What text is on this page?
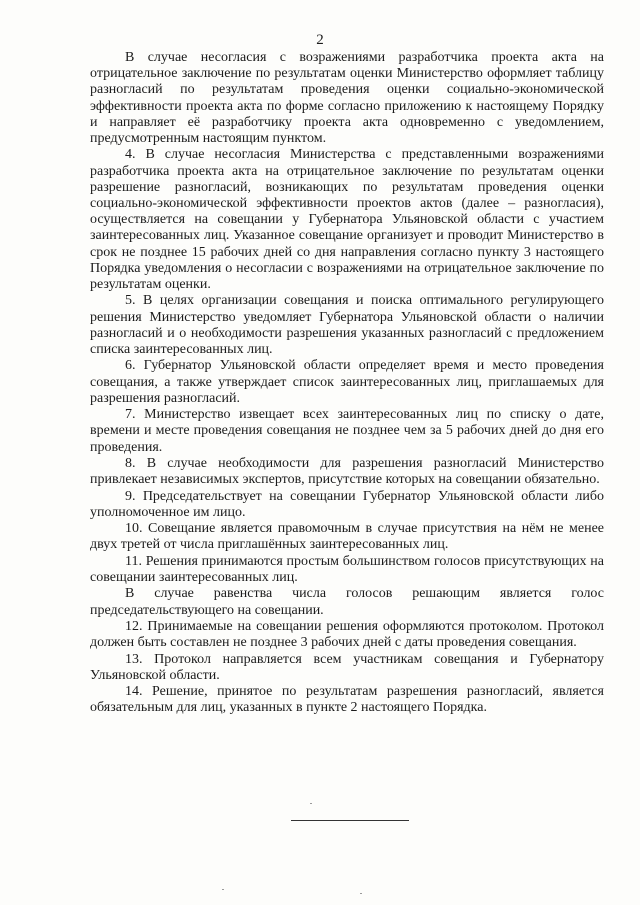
2

В случае несогласия с возражениями разработчика проекта акта на отрицательное заключение по результатам оценки Министерство оформляет таблицу разногласий по результатам проведения оценки социально-экономической эффективности проекта акта по форме согласно приложению к настоящему Порядку и направляет её разработчику проекта акта одновременно с уведомлением, предусмотренным настоящим пунктом.

4. В случае несогласия Министерства с представленными возражениями разработчика проекта акта на отрицательное заключение по результатам оценки разрешение разногласий, возникающих по результатам проведения оценки социально-экономической эффективности проектов актов (далее – разногласия), осуществляется на совещании у Губернатора Ульяновской области с участием заинтересованных лиц. Указанное совещание организует и проводит Министерство в срок не позднее 15 рабочих дней со дня направления согласно пункту 3 настоящего Порядка уведомления о несогласии с возражениями на отрицательное заключение по результатам оценки.

5. В целях организации совещания и поиска оптимального регулирующего решения Министерство уведомляет Губернатора Ульяновской области о наличии разногласий и о необходимости разрешения указанных разногласий с предложением списка заинтересованных лиц.

6. Губернатор Ульяновской области определяет время и место проведения совещания, а также утверждает список заинтересованных лиц, приглашаемых для разрешения разногласий.

7. Министерство извещает всех заинтересованных лиц по списку о дате, времени и месте проведения совещания не позднее чем за 5 рабочих дней до дня его проведения.

8. В случае необходимости для разрешения разногласий Министерство привлекает независимых экспертов, присутствие которых на совещании обязательно.

9. Председательствует на совещании Губернатор Ульяновской области либо уполномоченное им лицо.

10. Совещание является правомочным в случае присутствия на нём не менее двух третей от числа приглашённых заинтересованных лиц.

11. Решения принимаются простым большинством голосов присутствующих на совещании заинтересованных лиц.

В случае равенства числа голосов решающим является голос председательствующего на совещании.

12. Принимаемые на совещании решения оформляются протоколом. Протокол должен быть составлен не позднее 3 рабочих дней с даты проведения совещания.

13. Протокол направляется всем участникам совещания и Губернатору Ульяновской области.

14. Решение, принятое по результатам разрешения разногласий, является обязательным для лиц, указанных в пункте 2 настоящего Порядка.
